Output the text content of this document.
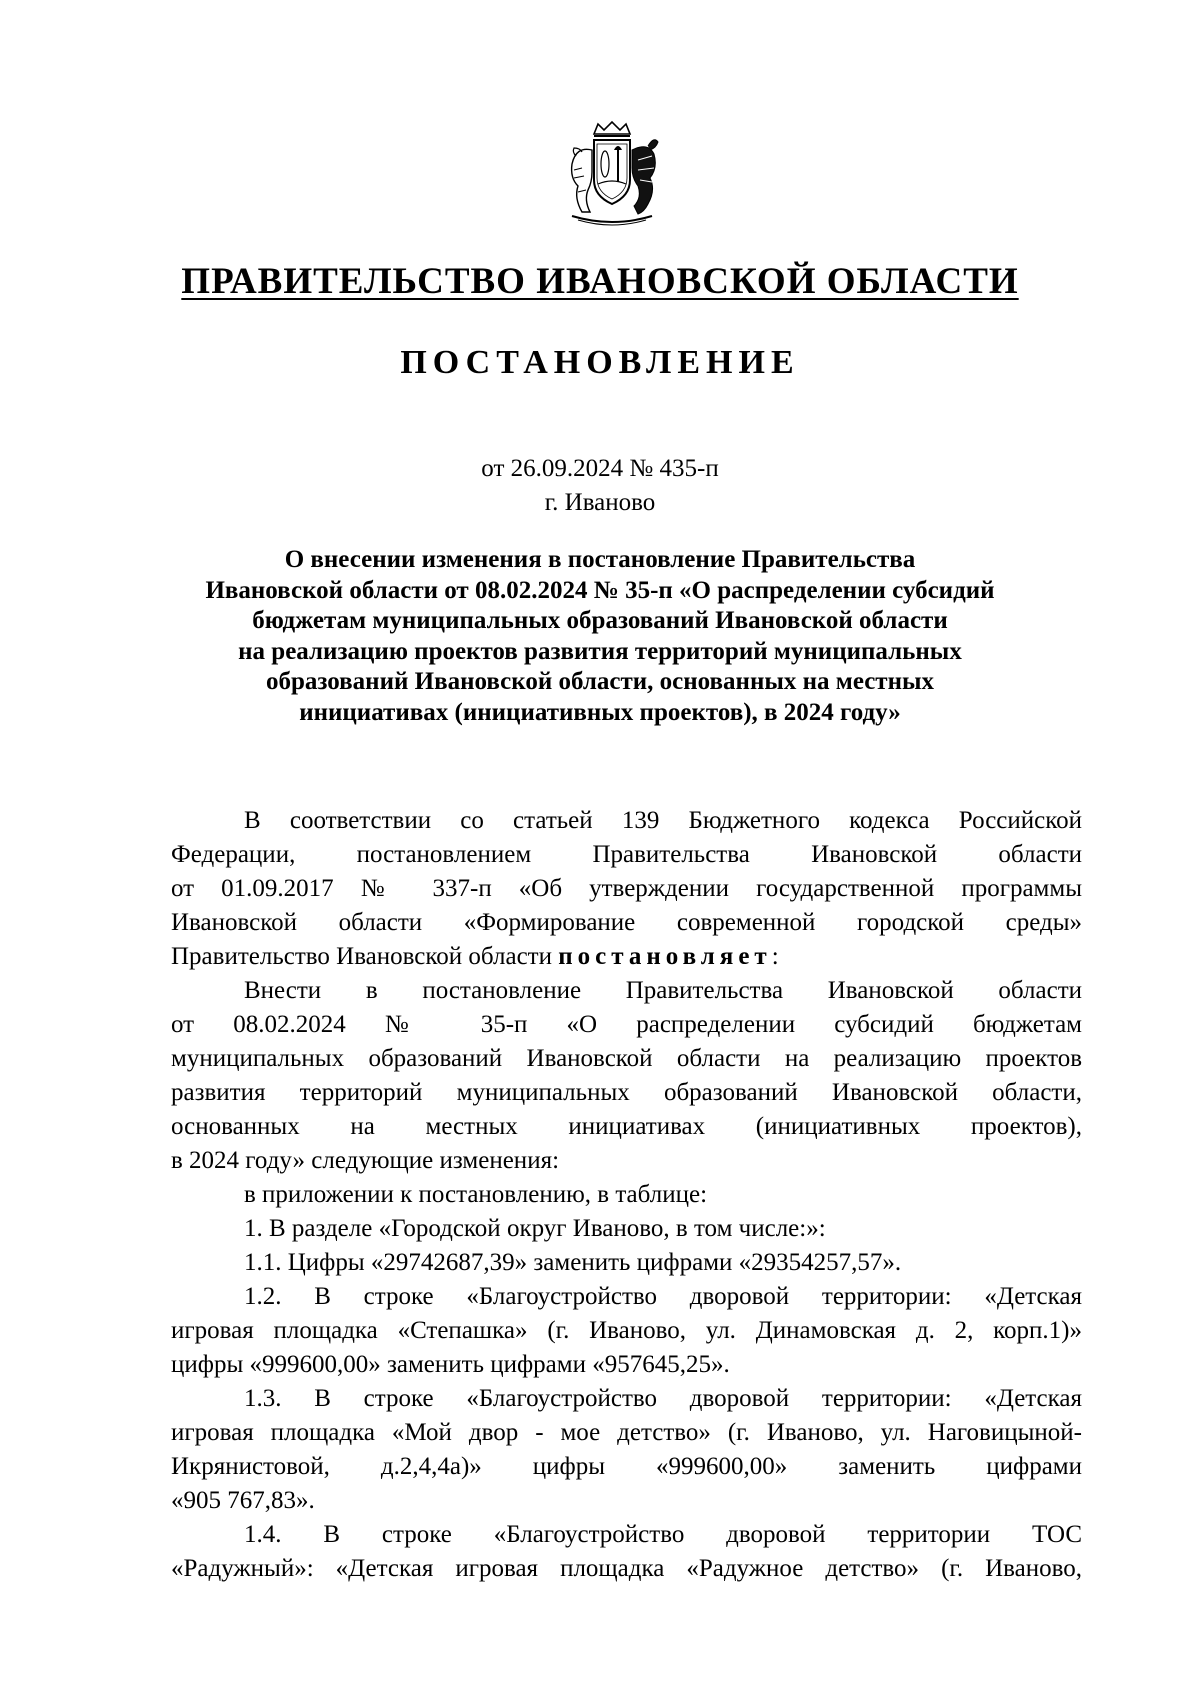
ПРАВИТЕЛЬСТВО ИВАНОВСКОЙ ОБЛАСТИ
ПОСТАНОВЛЕНИЕ
от 26.09.2024 № 435-п
г. Иваново
О внесении изменения в постановление Правительства
Ивановской области от 08.02.2024 № 35-п «О распределении субсидий
бюджетам муниципальных образований Ивановской области
на реализацию проектов развития территорий муниципальных
образований Ивановской области, основанных на местных
инициативах (инициативных проектов), в 2024 году»
В соответствии со статьей 139 Бюджетного кодекса Российской
Федерации, постановлением Правительства Ивановской области
от 01.09.2017 № 337-п «Об утверждении государственной программы
Ивановской области «Формирование современной городской среды»
Правительство Ивановской области постановляет:
Внести в постановление Правительства Ивановской области
от 08.02.2024 № 35-п «О распределении субсидий бюджетам
муниципальных образований Ивановской области на реализацию проектов
развития территорий муниципальных образований Ивановской области,
основанных на местных инициативах (инициативных проектов),
в 2024 году» следующие изменения:
в приложении к постановлению, в таблице:
1. В разделе «Городской округ Иваново, в том числе:»:
1.1. Цифры «29742687,39» заменить цифрами «29354257,57».
1.2. В строке «Благоустройство дворовой территории: «Детская
игровая площадка «Степашка» (г. Иваново, ул. Динамовская д. 2, корп.1)»
цифры «999600,00» заменить цифрами «957645,25».
1.3. В строке «Благоустройство дворовой территории: «Детская
игровая площадка «Мой двор - мое детство» (г. Иваново, ул. Наговицыной-
Икрянистовой, д.2,4,4а)» цифры «999600,00» заменить цифрами
«905 767,83».
1.4. В строке «Благоустройство дворовой территории ТОС
«Радужный»: «Детская игровая площадка «Радужное детство» (г. Иваново,
